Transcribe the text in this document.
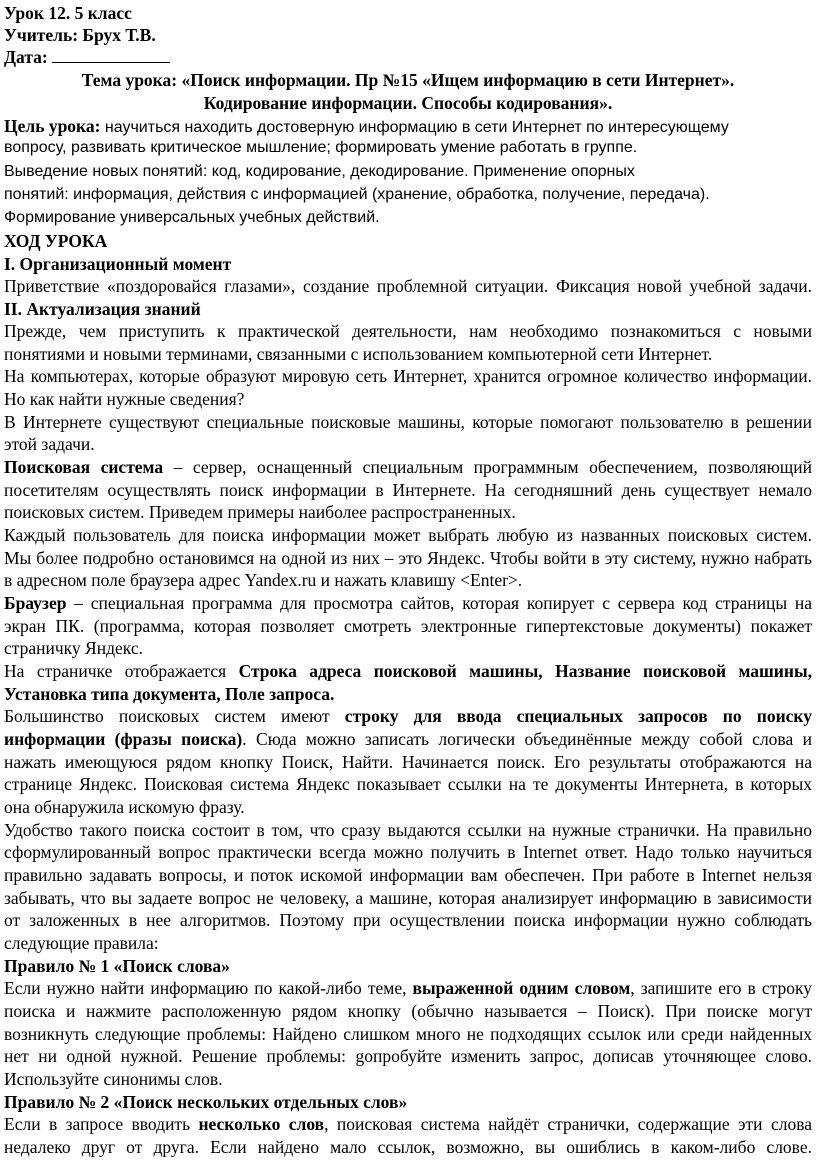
Урок 12. 5 класс
Учитель: Брух Т.В.
Дата:
Тема урока: «Поиск информации. Пр №15 «Ищем информацию в сети Интернет».
Кодирование информации. Способы кодирования».
Цель урока: научиться находить достоверную информацию в сети Интернет по интересующему
вопросу, развивать критическое мышление; формировать умение работать в группе.
Выведение новых понятий: код, кодирование, декодирование. Применение опорных
понятий: информация, действия с информацией (хранение, обработка, получение, передача).
Формирование универсальных учебных действий.
ХОД УРОКА
I. Организационный момент
Приветствие «поздоровайся глазами», создание проблемной ситуации. Фиксация новой учебной задачи.
II. Актуализация знаний
Прежде, чем приступить к практической деятельности, нам необходимо познакомиться с новыми
понятиями и новыми терминами, связанными с использованием компьютерной сети Интернет.
На компьютерах, которые образуют мировую сеть Интернет, хранится огромное количество информации.
Но как найти нужные сведения?
В Интернете существуют специальные поисковые машины, которые помогают пользователю в решении
этой задачи.
Поисковая система – сервер, оснащенный специальным программным обеспечением, позволяющий
посетителям осуществлять поиск информации в Интернете. На сегодняшний день существует немало
поисковых систем. Приведем примеры наиболее распространенных.
Каждый пользователь для поиска информации может выбрать любую из названных поисковых систем.
Мы более подробно остановимся на одной из них – это Яндекс. Чтобы войти в эту систему, нужно набрать
в адресном поле браузера адрес Yandex.ru и нажать клавишу <Enter>.
Браузер – специальная программа для просмотра сайтов, которая копирует с сервера код страницы на
экран ПК. (программа, которая позволяет смотреть электронные гипертекстовые документы) покажет
страничку Яндекс.
На страничке отображается Строка адреса поисковой машины, Название поисковой машины,
Установка типа документа, Поле запроса.
Большинство поисковых систем имеют строку для ввода специальных запросов по поиску
информации (фразы поиска). Сюда можно записать логически объединённые между собой слова и
нажать имеющуюся рядом кнопку Поиск, Найти. Начинается поиск. Его результаты отображаются на
странице Яндекс. Поисковая система Яндекс показывает ссылки на те документы Интернета, в которых
она обнаружила искомую фразу.
Удобство такого поиска состоит в том, что сразу выдаются ссылки на нужные странички. На правильно
сформулированный вопрос практически всегда можно получить в Internet ответ. Надо только научиться
правильно задавать вопросы, и поток искомой информации вам обеспечен. При работе в Internet нельзя
забывать, что вы задаете вопрос не человеку, а машине, которая анализирует информацию в зависимости
от заложенных в нее алгоритмов. Поэтому при осуществлении поиска информации нужно соблюдать
следующие правила:
Правило № 1 «Поиск слова»
Если нужно найти информацию по какой-либо теме, выраженной одним словом, запишите его в строку
поиска и нажмите расположенную рядом кнопку (обычно называется – Поиск). При поиске могут
возникнуть следующие проблемы: Найдено слишком много не подходящих ссылок или среди найденных
нет ни одной нужной. Решение проблемы: gопробуйте изменить запрос, дописав уточняющее слово.
Используйте синонимы слов.
Правило № 2 «Поиск нескольких отдельных слов»
Если в запросе вводить несколько слов, поисковая система найдёт странички, содержащие эти слова
недалеко друг от друга. Если найдено мало ссылок, возможно, вы ошиблись в каком-либо слове.
